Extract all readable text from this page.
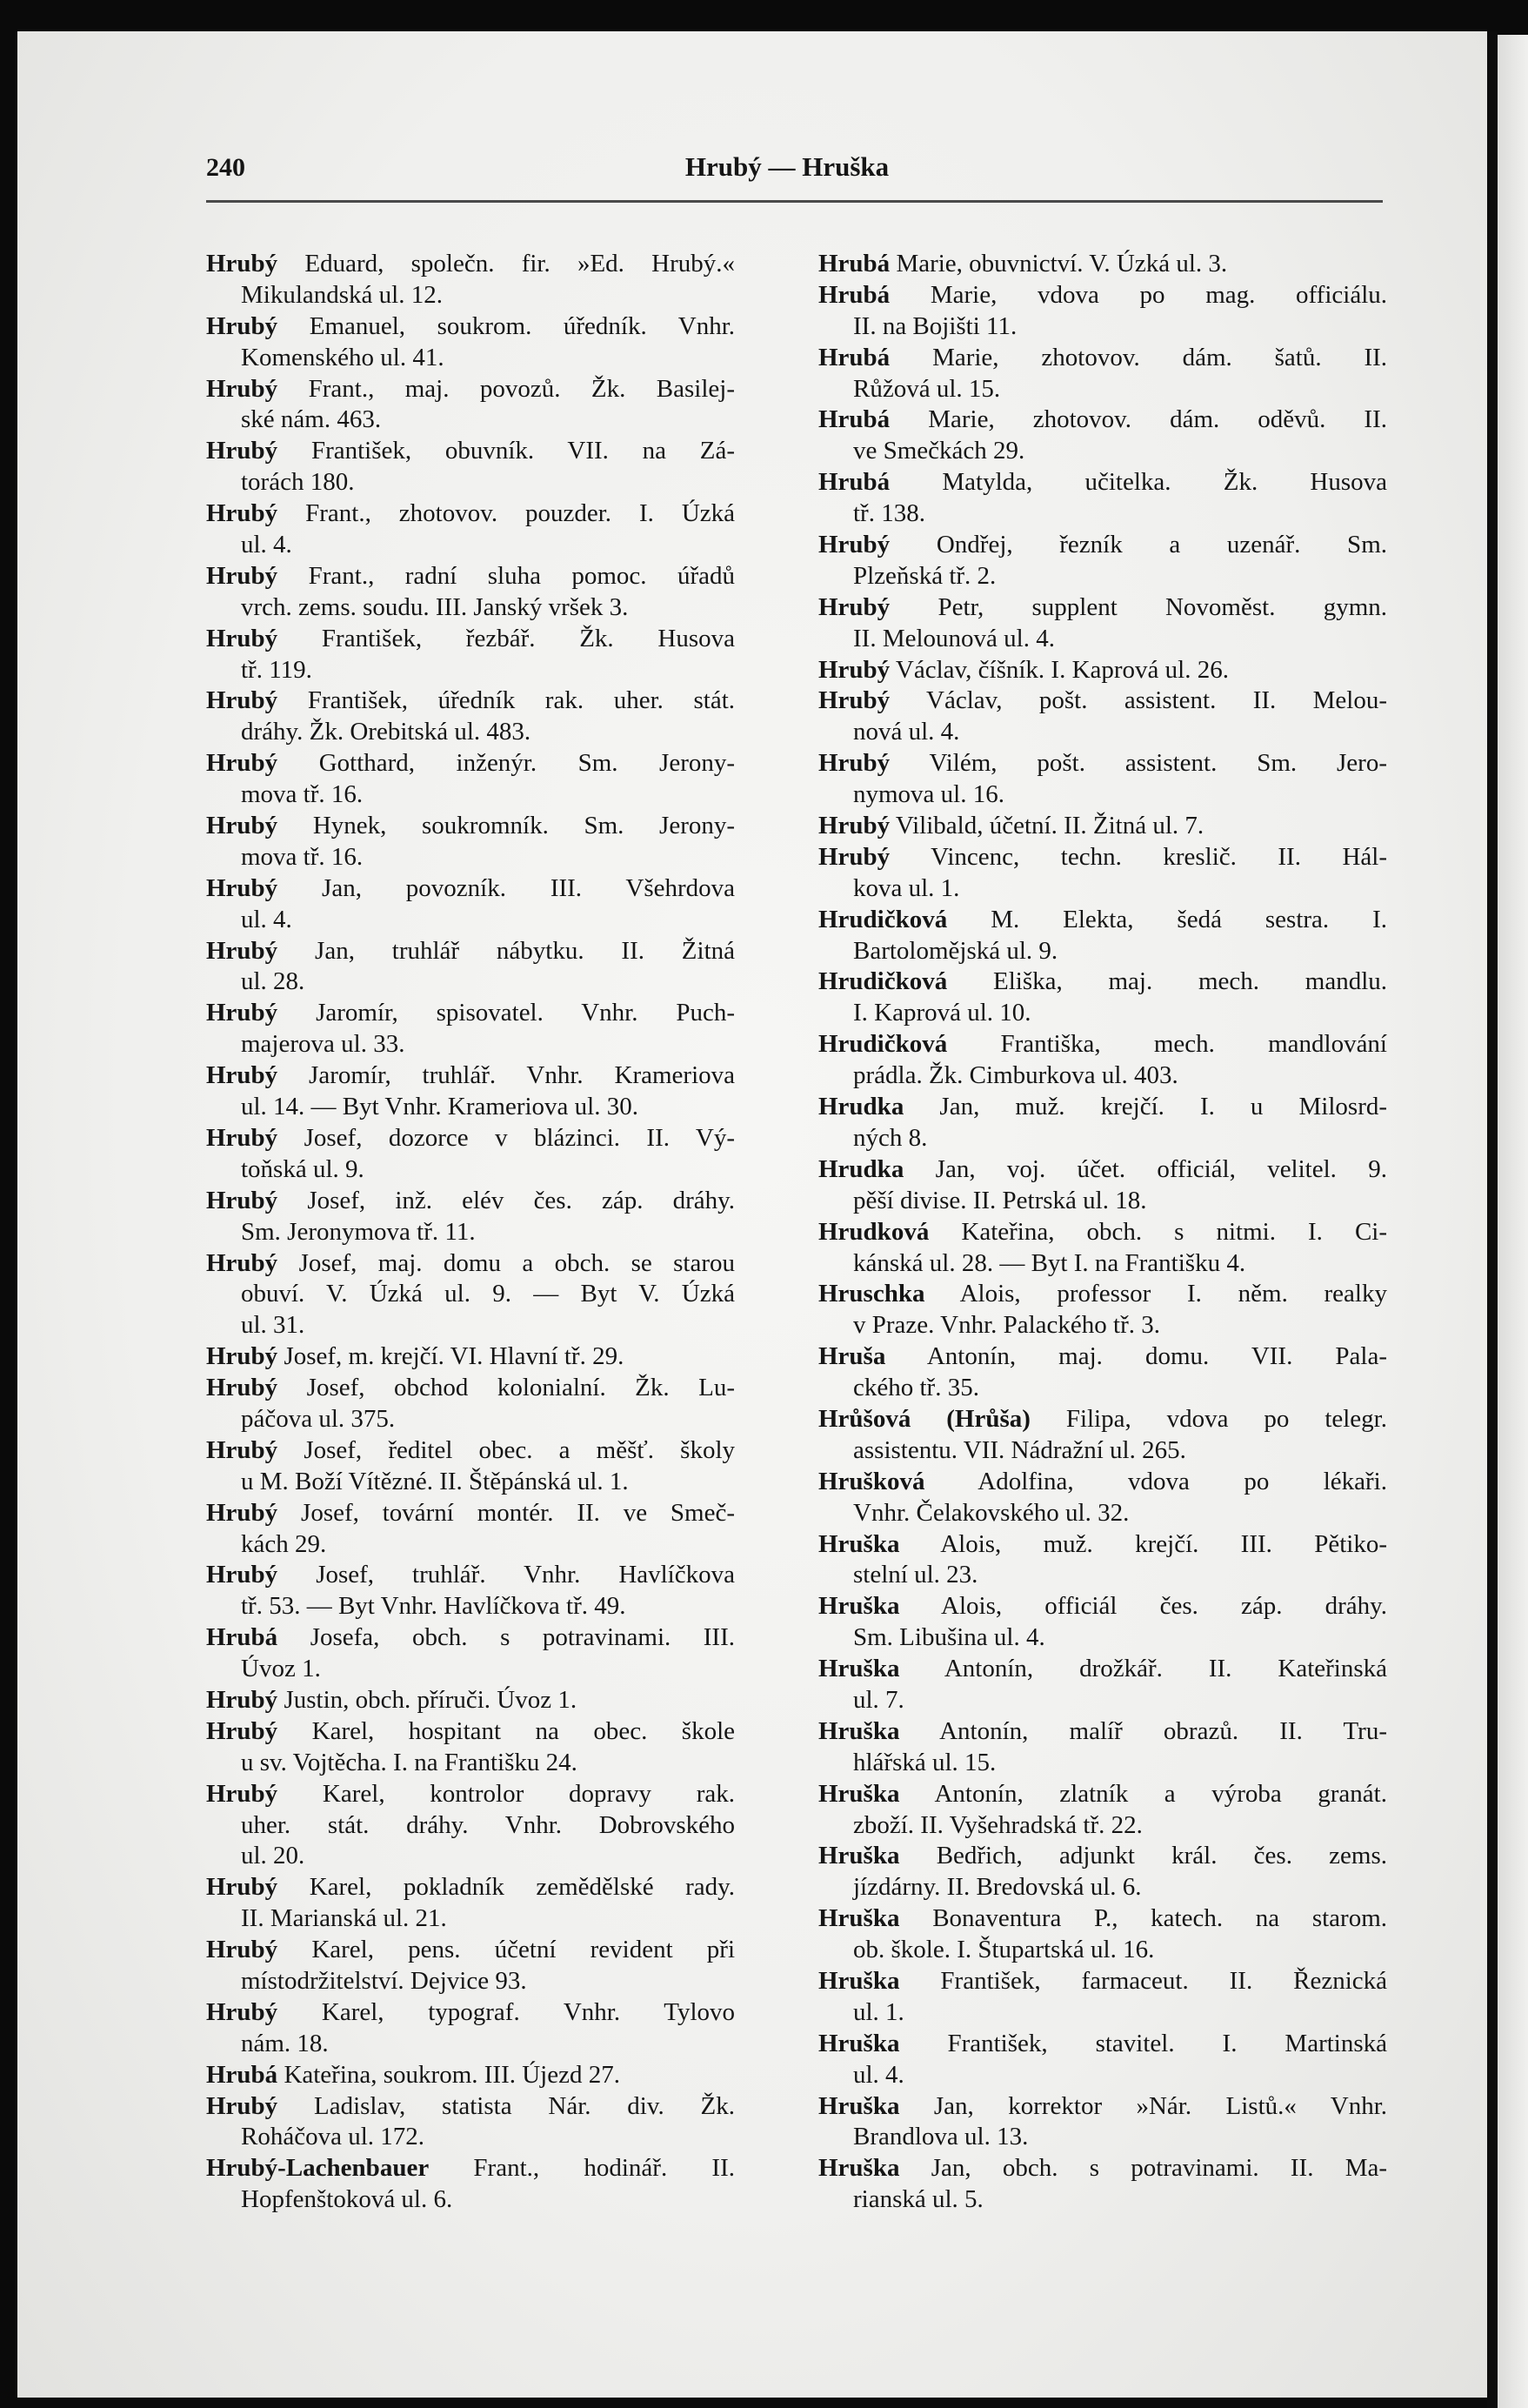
240	Hrubý — Hruška
Hrubý Eduard, společn. fir. »Ed. Hrubý.«
Mikulandská ul. 12.
Hrubý Emanuel, soukrom. úředník. Vnhr.
Komenského ul. 41.
Hrubý Frant., maj. povozů. Žk. Basilej-
ské nám. 463.
Hrubý František, obuvník. VII. na Zá-
torách 180.
Hrubý Frant., zhotovov. pouzder. I. Úzká
ul. 4.
Hrubý Frant., radní sluha pomoc. úřadů
vrch. zems. soudu. III. Janský vršek 3.
Hrubý František, řezbář. Žk. Husova
tř. 119.
Hrubý František, úředník rak. uher. stát.
dráhy. Žk. Orebitská ul. 483.
Hrubý Gotthard, inženýr. Sm. Jerony-
mova tř. 16.
Hrubý Hynek, soukromník. Sm. Jerony-
mova tř. 16.
Hrubý Jan, povozník. III. Všehrdova
ul. 4.
Hrubý Jan, truhlář nábytku. II. Žitná
ul. 28.
Hrubý Jaromír, spisovatel. Vnhr. Puch-
majerova ul. 33.
Hrubý Jaromír, truhlář. Vnhr. Krameriova
ul. 14. — Byt Vnhr. Krameriova ul. 30.
Hrubý Josef, dozorce v blázinci. II. Vý-
toňská ul. 9.
Hrubý Josef, inž. elév čes. záp. dráhy.
Sm. Jeronymova tř. 11.
Hrubý Josef, maj. domu a obch. se starou
obuví. V. Úzká ul. 9. — Byt V. Úzká
ul. 31.
Hrubý Josef, m. krejčí. VI. Hlavní tř. 29.
Hrubý Josef, obchod kolonialní. Žk. Lu-
páčova ul. 375.
Hrubý Josef, ředitel obec. a měšť. školy
u M. Boží Vítězné. II. Štěpánská ul. 1.
Hrubý Josef, tovární montér. II. ve Smeč-
kách 29.
Hrubý Josef, truhlář. Vnhr. Havlíčkova
tř. 53. — Byt Vnhr. Havlíčkova tř. 49.
Hrubá Josefa, obch. s potravinami. III.
Úvoz 1.
Hrubý Justin, obch. příruči. Úvoz 1.
Hrubý Karel, hospitant na obec. škole
u sv. Vojtěcha. I. na Františku 24.
Hrubý Karel, kontrolor dopravy rak.
uher. stát. dráhy. Vnhr. Dobrovského
ul. 20.
Hrubý Karel, pokladník zemědělské rady.
II. Marianská ul. 21.
Hrubý Karel, pens. účetní revident při
místodržitelství. Dejvice 93.
Hrubý Karel, typograf. Vnhr. Tylovo
nám. 18.
Hrubá Kateřina, soukrom. III. Újezd 27.
Hrubý Ladislav, statista Nár. div. Žk.
Roháčova ul. 172.
Hrubý-Lachenbauer Frant., hodinář. II.
Hopfenštoková ul. 6.
Hrubá Marie, obuvnictví. V. Úzká ul. 3.
Hrubá Marie, vdova po mag. officiálu.
II. na Bojišti 11.
Hrubá Marie, zhotovov. dám. šatů. II.
Růžová ul. 15.
Hrubá Marie, zhotovov. dám. oděvů. II.
ve Smečkách 29.
Hrubá Matylda, učitelka. Žk. Husova
tř. 138.
Hrubý Ondřej, řezník a uzenář. Sm.
Plzeňská tř. 2.
Hrubý Petr, supplent Novoměst. gymn.
II. Melounová ul. 4.
Hrubý Václav, číšník. I. Kaprová ul. 26.
Hrubý Václav, pošt. assistent. II. Melou-
nová ul. 4.
Hrubý Vilém, pošt. assistent. Sm. Jero-
nymova ul. 16.
Hrubý Vilibald, účetní. II. Žitná ul. 7.
Hrubý Vincenc, techn. kreslič. II. Hál-
kova ul. 1.
Hrudičková M. Elekta, šedá sestra. I.
Bartolomějská ul. 9.
Hrudičková Eliška, maj. mech. mandlu.
I. Kaprová ul. 10.
Hrudičková Františka, mech. mandlování
prádla. Žk. Cimburkova ul. 403.
Hrudka Jan, muž. krejčí. I. u Milosrd-
ných 8.
Hrudka Jan, voj. účet. officiál, velitel. 9.
pěší divise. II. Petrská ul. 18.
Hrudková Kateřina, obch. s nitmi. I. Ci-
kánská ul. 28. — Byt I. na Františku 4.
Hruschka Alois, professor I. něm. realky
v Praze. Vnhr. Palackého tř. 3.
Hruša Antonín, maj. domu. VII. Pala-
ckého tř. 35.
Hrůšová (Hrůša) Filipa, vdova po telegr.
assistentu. VII. Nádražní ul. 265.
Hrušková Adolfina, vdova po lékaři.
Vnhr. Čelakovského ul. 32.
Hruška Alois, muž. krejčí. III. Pětiko-
stelní ul. 23.
Hruška Alois, officiál čes. záp. dráhy.
Sm. Libušina ul. 4.
Hruška Antonín, drožkář. II. Kateřinská
ul. 7.
Hruška Antonín, malíř obrazů. II. Tru-
hlářská ul. 15.
Hruška Antonín, zlatník a výroba granát.
zboží. II. Vyšehradská tř. 22.
Hruška Bedřich, adjunkt král. čes. zems.
jízdárny. II. Bredovská ul. 6.
Hruška Bonaventura P., katech. na starom.
ob. škole. I. Štupartská ul. 16.
Hruška František, farmaceut. II. Řeznická
ul. 1.
Hruška František, stavitel. I. Martinská
ul. 4.
Hruška Jan, korrektor »Nár. Listů.« Vnhr.
Brandlova ul. 13.
Hruška Jan, obch. s potravinami. II. Ma-
rianská ul. 5.
